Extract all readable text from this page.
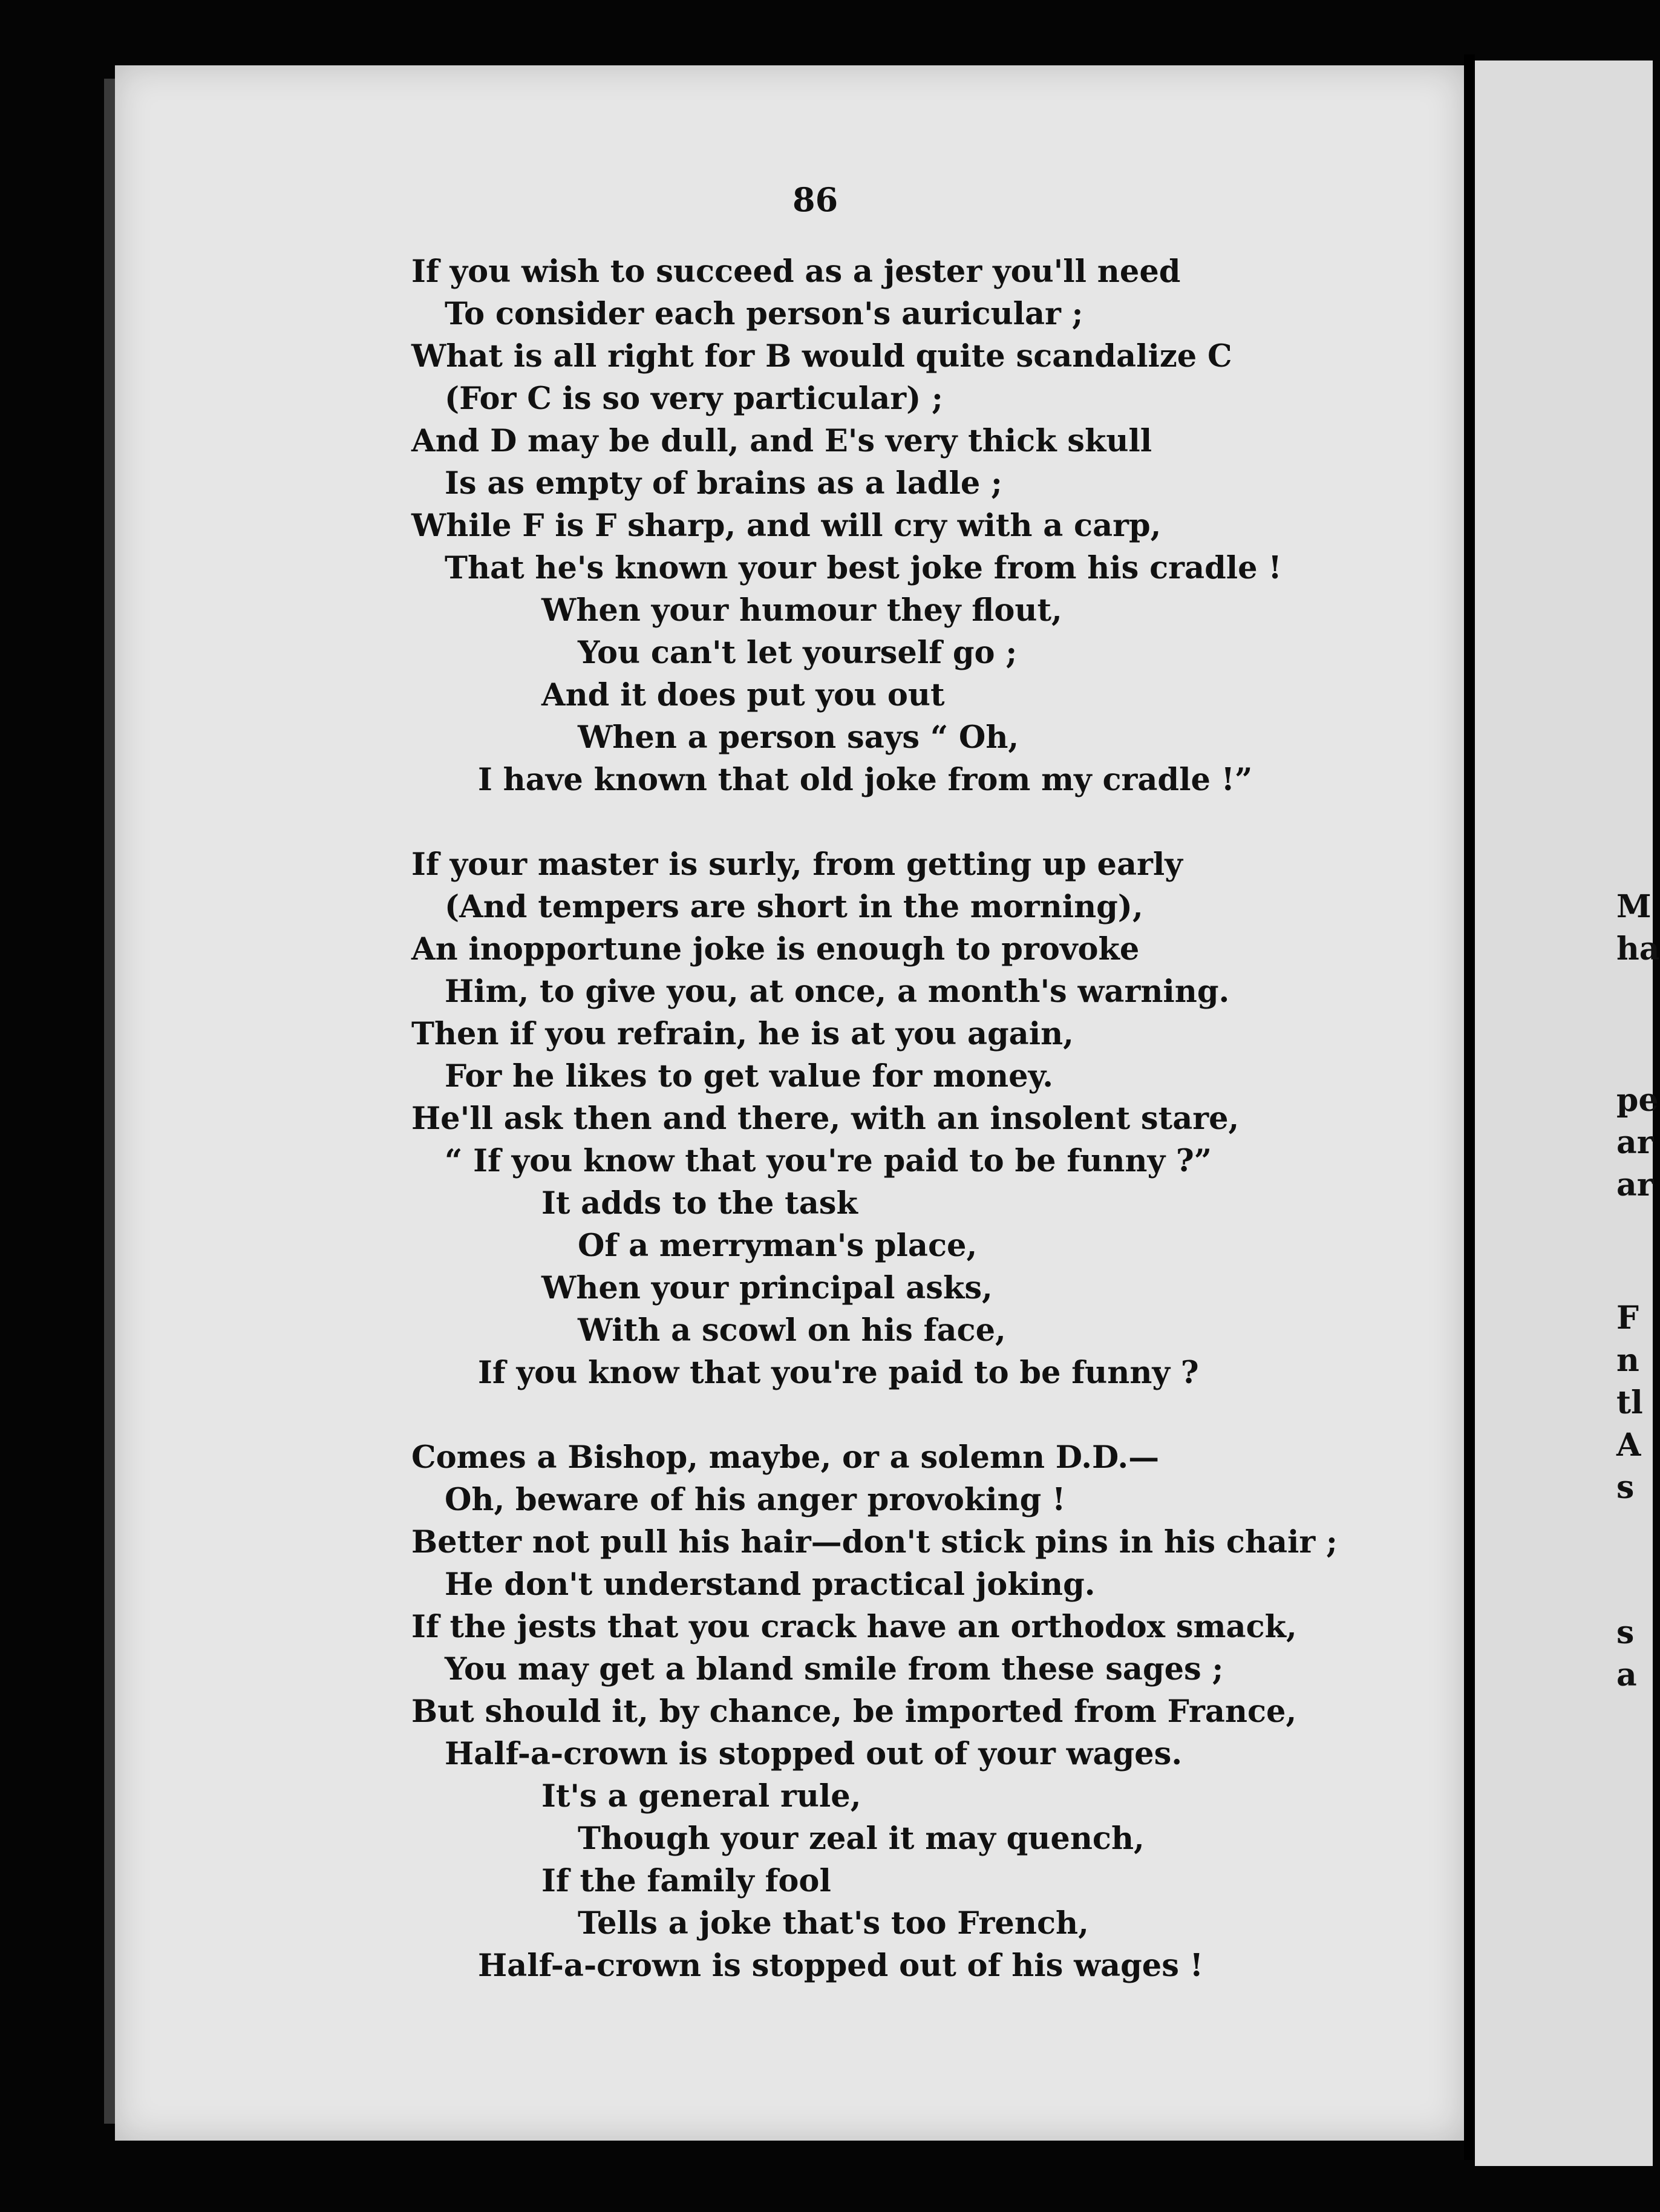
M
ha
pe
ar
ar
F
n
tl
A
s
s
a
86
If you wish to succeed as a jester you'll need
To consider each person's auricular ;
What is all right for B would quite scandalize C
(For C is so very particular) ;
And D may be dull, and E's very thick skull
Is as empty of brains as a ladle ;
While F is F sharp, and will cry with a carp,
That he's known your best joke from his cradle !
When your humour they flout,
You can't let yourself go ;
And it does put you out
When a person says “ Oh,
I have known that old joke from my cradle !”
If your master is surly, from getting up early
(And tempers are short in the morning),
An inopportune joke is enough to provoke
Him, to give you, at once, a month's warning.
Then if you refrain, he is at you again,
For he likes to get value for money.
He'll ask then and there, with an insolent stare,
“ If you know that you're paid to be funny ?”
It adds to the task
Of a merryman's place,
When your principal asks,
With a scowl on his face,
If you know that you're paid to be funny ?
Comes a Bishop, maybe, or a solemn D.D.—
Oh, beware of his anger provoking !
Better not pull his hair—don't stick pins in his chair ;
He don't understand practical joking.
If the jests that you crack have an orthodox smack,
You may get a bland smile from these sages ;
But should it, by chance, be imported from France,
Half-a-crown is stopped out of your wages.
It's a general rule,
Though your zeal it may quench,
If the family fool
Tells a joke that's too French,
Half-a-crown is stopped out of his wages !
